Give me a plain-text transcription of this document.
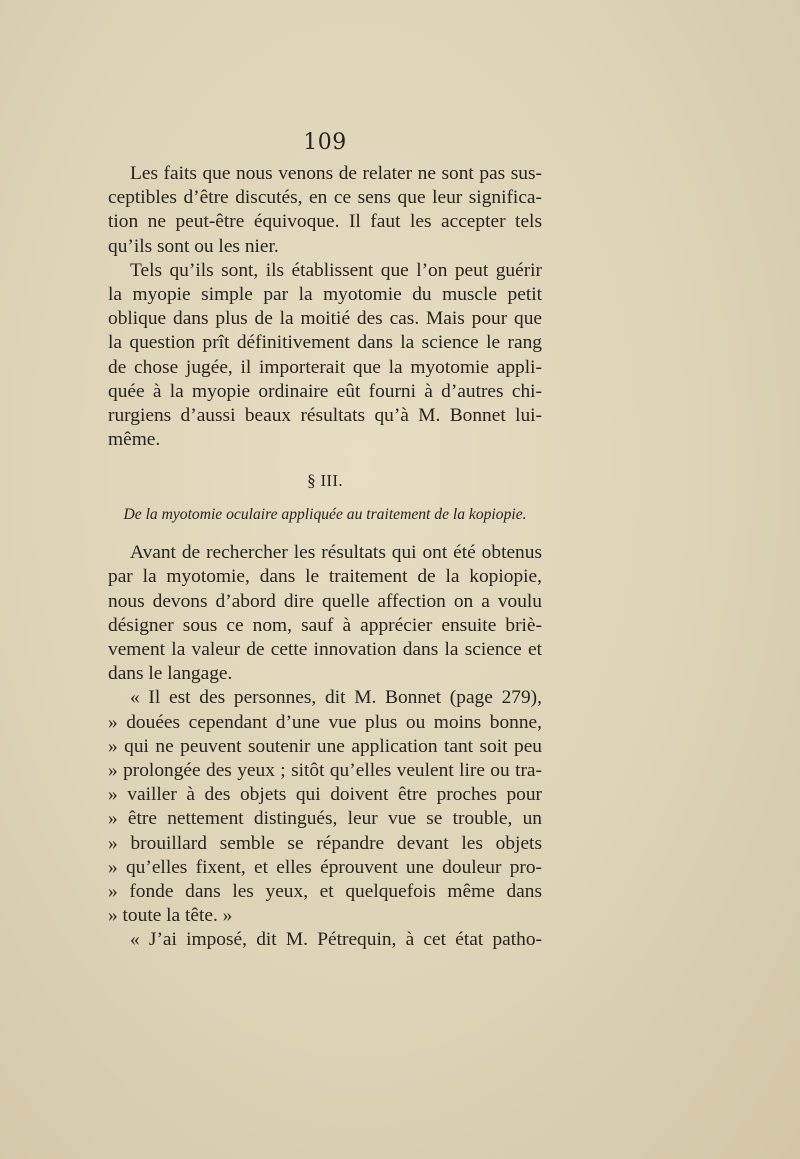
109
Les faits que nous venons de relater ne sont pas sus-
ceptibles d’être discutés, en ce sens que leur significa-
tion ne peut-être équivoque. Il faut les accepter tels
qu’ils sont ou les nier.
Tels qu’ils sont, ils établissent que l’on peut guérir
la myopie simple par la myotomie du muscle petit
oblique dans plus de la moitié des cas. Mais pour que
la question prît définitivement dans la science le rang
de chose jugée, il importerait que la myotomie appli-
quée à la myopie ordinaire eût fourni à d’autres chi-
rurgiens d’aussi beaux résultats qu’à M. Bonnet lui-
même.
§ III.
De la myotomie oculaire appliquée au traitement de la kopiopie.
Avant de rechercher les résultats qui ont été obtenus
par la myotomie, dans le traitement de la kopiopie,
nous devons d’abord dire quelle affection on a voulu
désigner sous ce nom, sauf à apprécier ensuite briè-
vement la valeur de cette innovation dans la science et
dans le langage.
« Il est des personnes, dit M. Bonnet (page 279),
» douées cependant d’une vue plus ou moins bonne,
» qui ne peuvent soutenir une application tant soit peu
» prolongée des yeux ; sitôt qu’elles veulent lire ou tra-
» vailler à des objets qui doivent être proches pour
» être nettement distingués, leur vue se trouble, un
» brouillard semble se répandre devant les objets
» qu’elles fixent, et elles éprouvent une douleur pro-
» fonde dans les yeux, et quelquefois même dans
» toute la tête. »
« J’ai imposé, dit M. Pétrequin, à cet état patho-
